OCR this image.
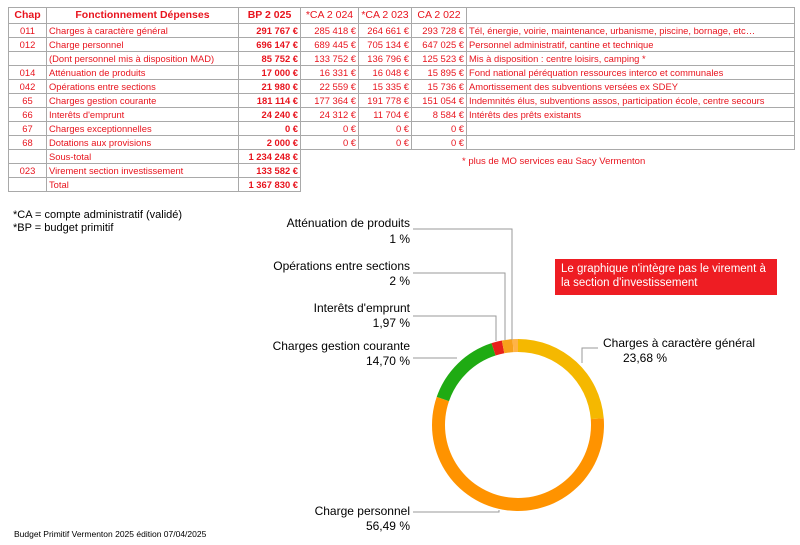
Chap	Fonctionnement Dépenses	BP 2 025	*CA 2 024	*CA 2 023	CA 2 022	
011	Charges à caractère général	291 767 €	285 418 €	264 661 €	293 728 €	Tél, énergie, voirie, maintenance, urbanisme, piscine, bornage, etc…
012	Charge personnel	696 147 €	689 445 €	705 134 €	647 025 €	Personnel administratif, cantine et technique
	(Dont personnel mis à disposition MAD)	85 752 €	133 752 €	136 796 €	125 523 €	Mis à disposition : centre loisirs, camping *
014	Atténuation de produits	17 000 €	16 331 €	16 048 €	15 895 €	Fond national péréquation ressources interco et communales
042	Opérations entre sections	21 980 €	22 559 €	15 335 €	15 736 €	Amortissement des subventions versées ex SDEY
65	Charges gestion courante	181 114 €	177 364 €	191 778 €	151 054 €	Indemnités élus, subventions assos, participation école, centre secours
66	Interêts d'emprunt	24 240 €	24 312 €	11 704 €	8 584 €	Intérêts des prêts existants
67	Charges exceptionnelles	0 €	0 €	0 €	0 €	
68	Dotations aux provisions	2 000 €	0 €	0 €	0 €	
	Sous-total	1 234 248 €				
023	Virement section investissement	133 582 €				
	Total	1 367 830 €				
* plus de MO services eau Sacy Vermenton
*CA = compte administratif (validé)
*BP = budget primitif
Le graphique n'intègre pas le virement à la section d'investissement
Atténuation de produits
1 %
Opérations entre sections
2 %
Interêts d'emprunt
1,97 %
Charges gestion courante
14,70 %
Charges à caractère général
23,68 %
Charge personnel
56,49 %
Budget Primitif Vermenton 2025 édition 07/04/2025
